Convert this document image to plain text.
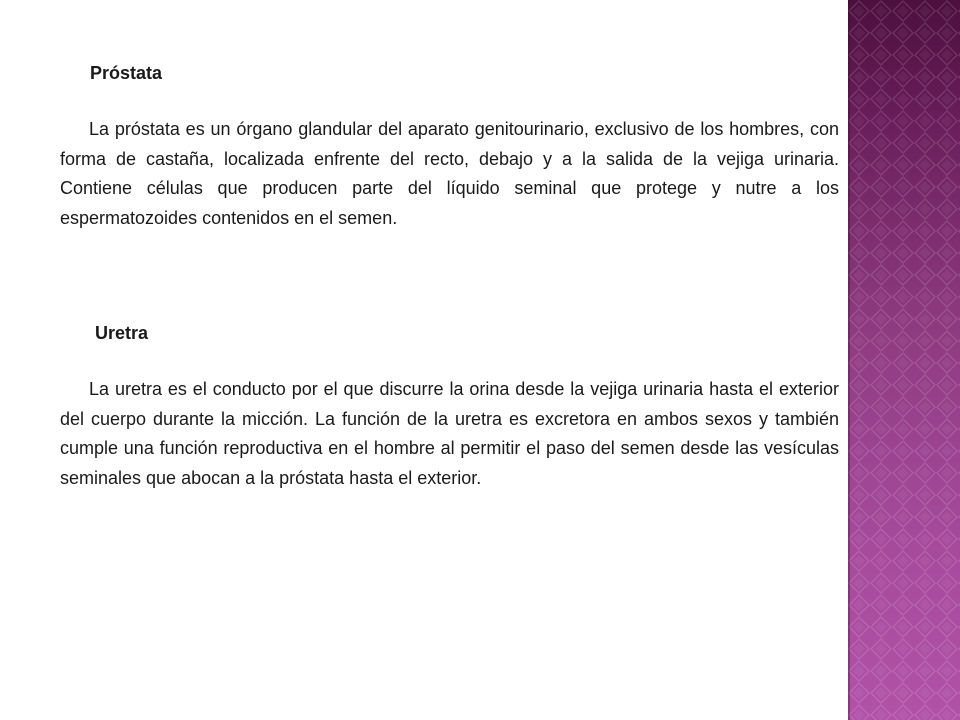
Próstata

La próstata es un órgano glandular del aparato genitourinario, exclusivo de los hombres, con forma de castaña, localizada enfrente del recto, debajo y a la salida de la vejiga urinaria. Contiene células que producen parte del líquido seminal que protege y nutre a los espermatozoides contenidos en el semen.

Uretra

La uretra es el conducto por el que discurre la orina desde la vejiga urinaria hasta el exterior del cuerpo durante la micción. La función de la uretra es excretora en ambos sexos y también cumple una función reproductiva en el hombre al permitir el paso del semen desde las vesículas seminales que abocan a la próstata hasta el exterior.
